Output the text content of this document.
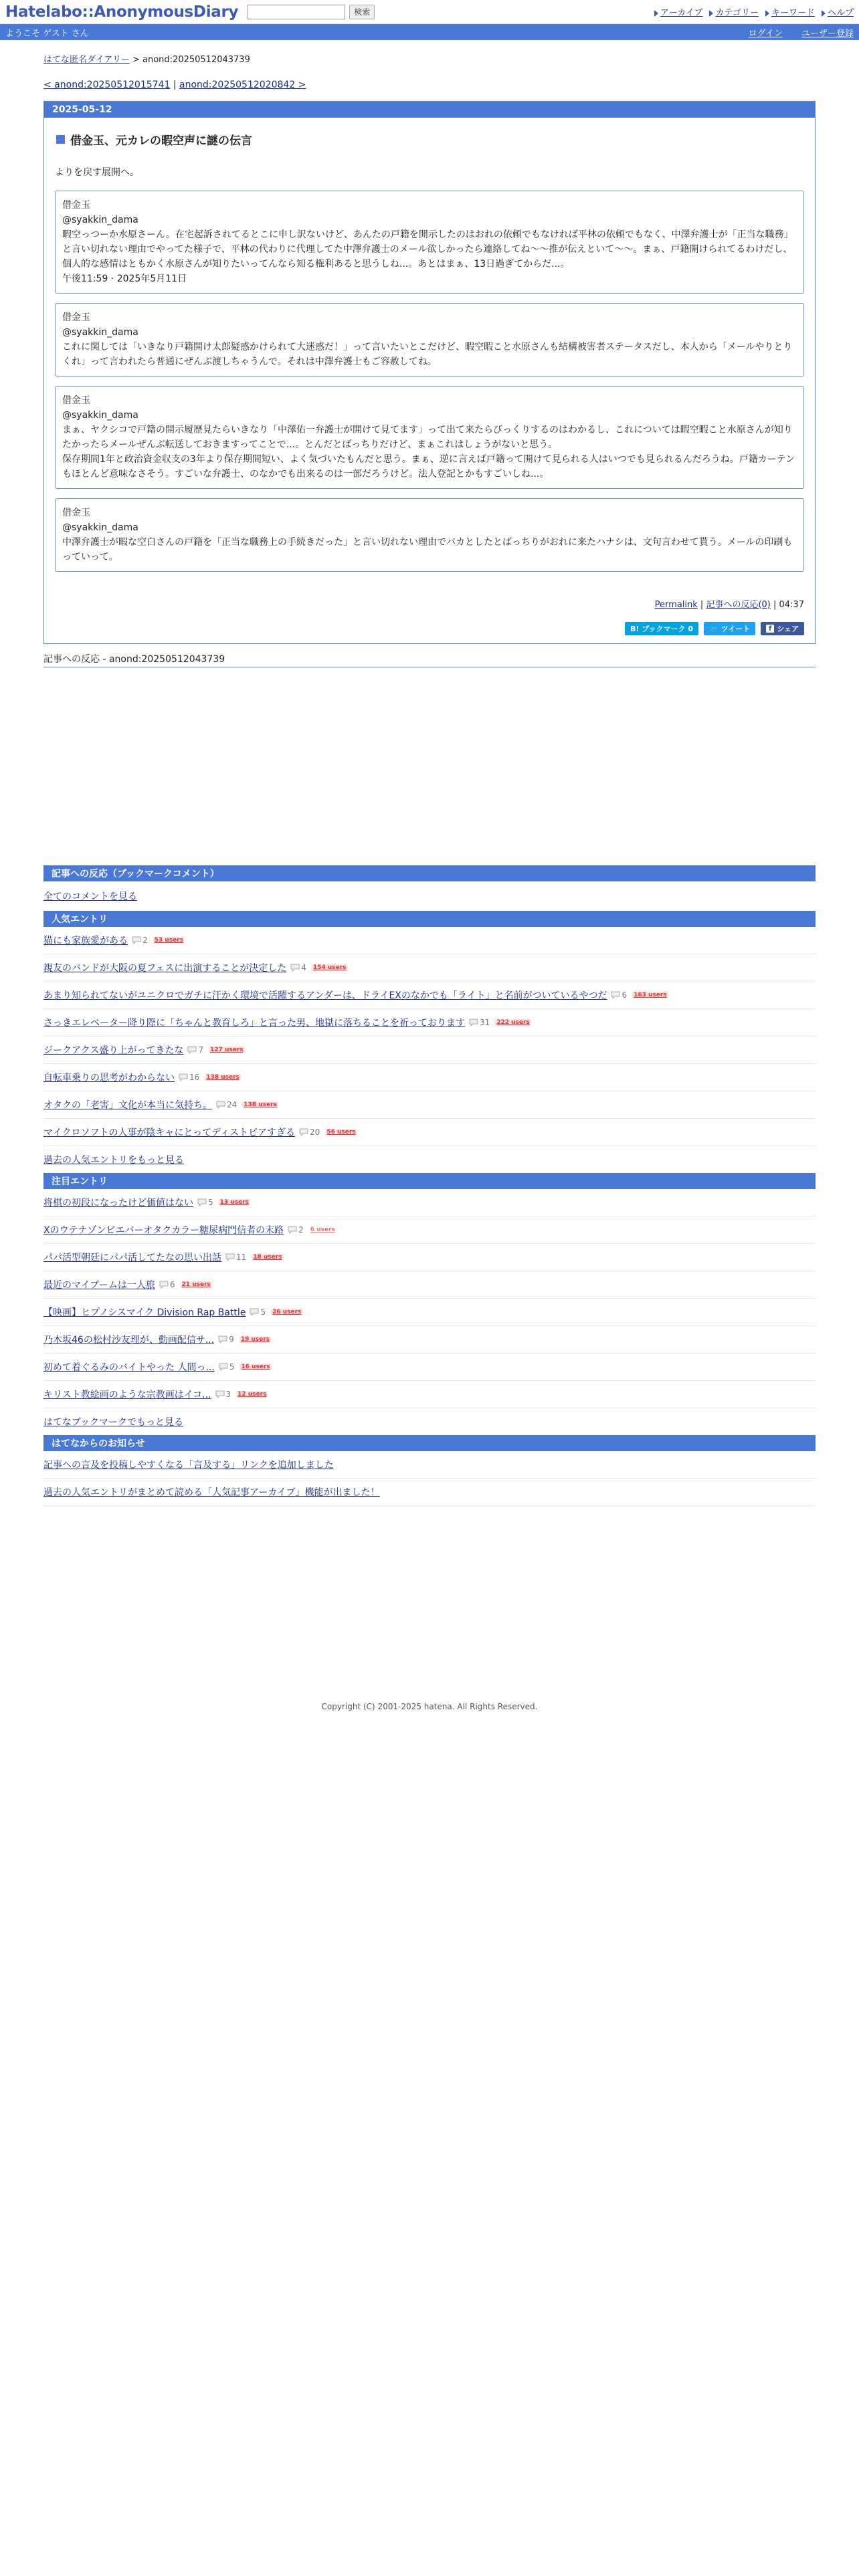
Hatelabo::AnonymousDiary	検索	アーカイブ	カテゴリー	キーワード	ヘルプ
ようこそ ゲスト さん	ログイン ユーザー登録
はてな匿名ダイアリー > anond:20250512043739
< anond:20250512015741 | anond:20250512020842 >
2025-05-12
借金玉、元カレの暇空声に謎の伝言

よりを戻す展開へ。

借金玉
@syakkin_dama
暇空っつーか水原さーん。在宅起訴されてるとこに申し訳ないけど、あんたの戸籍を開示したのはおれの依頼でもなければ平林の依頼でもなく、中澤弁護士が「正当な職務」と言い切れない理由でやってた様子で、平林の代わりに代理してた中澤弁護士のメール欲しかったら連絡してね〜〜推が伝えといて〜〜。まぁ、戸籍開けられてるわけだし、個人的な感情はともかく水原さんが知りたいってんなら知る権利あると思うしね...。あとはまぁ、13日過ぎてからだ...。
午後11:59 · 2025年5月11日
借金玉
@syakkin_dama
これに関しては「いきなり戸籍開け太郎疑惑かけられて大迷惑だ！」って言いたいとこだけど、暇空暇こと水原さんも結構被害者ステータスだし、本人から「メールやりとりくれ」って言われたら普通にぜんぶ渡しちゃうんで。それは中澤弁護士もご容赦してね。
借金玉
@syakkin_dama
まぁ、ヤクシコで戸籍の開示履歴見たらいきなり「中澤佑一弁護士が開けて見てます」って出て来たらびっくりするのはわかるし、これについては暇空暇こと水原さんが知りたかったらメールぜんぶ転送しておきますってことで...。とんだとばっちりだけど、まぁこれはしょうがないと思う。
保存期間1年と政治資金収支の3年より保存期間短い、よく気づいたもんだと思う。まぁ、逆に言えば戸籍って開けて見られる人はいつでも見られるんだろうね。戸籍カーテンもほとんど意味なさそう。すごいな弁護士、のなかでも出来るのは一部だろうけど。法人登記とかもすごいしね...。
借金玉
@syakkin_dama
中澤弁護士が暇な空白さんの戸籍を「正当な職務上の手続きだった」と言い切れない理由でバカとしたとばっちりがおれに来たハナシは、文句言わせて貰う。メールの印刷もっていって。
Permalink | 記事への反応(0) | 04:37
B! ブックマーク 0	🐦 ツイート	f シェア
記事への反応 - anond:20250512043739
記事への反応（ブックマークコメント）
全てのコメントを見る
人気エントリ
猫にも家族愛がある 2 53 users
親友のバンドが大阪の夏フェスに出演することが決定した 4 154 users
あまり知られてないがユニクロでガチに汗かく環境で活躍するアンダーは、ドライEXのなかでも「ライト」と名前がついているやつだ 6 163 users
さっきエレベーター降り際に「ちゃんと教育しろ」と言った男、地獄に落ちることを祈っております 31 222 users
ジークアクス盛り上がってきたな 7 127 users
自転車乗りの思考がわからない 16 138 users
オタクの「老害」文化が本当に気持ち。 24 138 users
マイクロソフトの人事が陰キャにとってディストピアすぎる 20 56 users
過去の人気エントリをもっと見る
注目エントリ
将棋の初段になったけど価値はない 5 13 users
Xのウテナゾンビエバーオタクカラー糖尿病門信者の末路 2 6 users
パパ活型朝廷にパパ活してたなの思い出話 11 18 users
最近のマイブームは一人旅 6 21 users
【映画】ヒプノシスマイク Division Rap Battle 5 26 users
乃木坂46の松村沙友理が、動画配信サ... 9 19 users
初めて着ぐるみのバイトやった 人間っ... 5 16 users
キリスト教絵画のような宗教画はイコ... 3 12 users
はてなブックマークでもっと見る
はてなからのお知らせ
記事への言及を投稿しやすくなる「言及する」リンクを追加しました
過去の人気エントリがまとめて読める「人気記事アーカイブ」機能が出ました！
Copyright (C) 2001-2025 hatena. All Rights Reserved.
